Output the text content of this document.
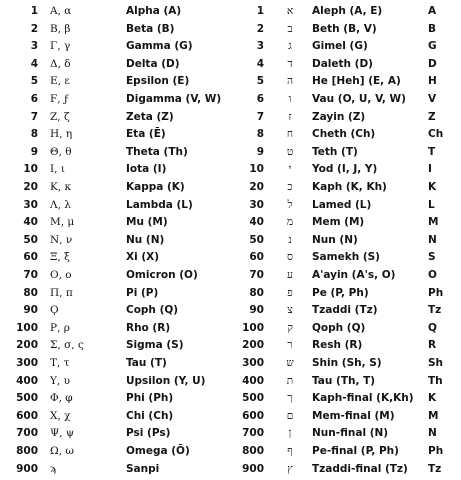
1 Α, α	Alpha (A)	1	א	Aleph (A, E)	A
2 Β, β	Beta (B)	2	ב	Beth (B, V)	B
3 Γ, γ	Gamma (G)	3	ג	Gimel (G)	G
4 Δ, δ	Delta (D)	4	ד	Daleth (D)	D
5 Ε, ε	Epsilon (E)	5	ה	He [Heh] (E, A)	H
6 Ϝ, ϝ	Digamma (V, W)	6	ו	Vau (O, U, V, W)	V
7 Ζ, ζ	Zeta (Z)	7	ז	Zayin (Z)	Z
8 Η, η	Eta (Ē)	8	ח	Cheth (Ch)	Ch
9 Θ, θ	Theta (Th)	9	ט	Teth (T)	T
10 Ι, ι	Iota (I)	10	י	Yod (I, J, Y)	I
20 Κ, κ	Kappa (K)	20	כ	Kaph (K, Kh)	K
30 Λ, λ	Lambda (L)	30	ל	Lamed (L)	L
40 Μ, μ	Mu (M)	40	מ	Mem (M)	M
50 Ν, ν	Nu (N)	50	נ	Nun (N)	N
60 Ξ, ξ	Xi (X)	60	ס	Samekh (S)	S
70 Ο, ο	Omicron (O)	70	ע	A'ayin (A's, O)	O
80 Π, π	Pi (P)	80	פ	Pe (P, Ph)	Ph
90 Ϙ	Coph (Q)	90	צ	Tzaddi (Tz)	Tz
100 Ρ, ρ	Rho (R)	100	ק	Qoph (Q)	Q
200 Σ, σ, ς	Sigma (S)	200	ר	Resh (R)	R
300 Τ, τ	Tau (T)	300	ש	Shin (Sh, S)	Sh
400 Υ, υ	Upsilon (Y, U)	400	ת	Tau (Th, T)	Th
500 Φ, φ	Phi (Ph)	500	ך	Kaph-final (K,Kh)	K
600 Χ, χ	Chi (Ch)	600	ם	Mem-final (M)	M
700 Ψ, ψ	Psi (Ps)	700	ן	Nun-final (N)	N
800 Ω, ω	Omega (Ō)	800	ף	Pe-final (P, Ph)	Ph
900 ϡ	Sanpi	900	ץ	Tzaddi-final (Tz)	Tz
